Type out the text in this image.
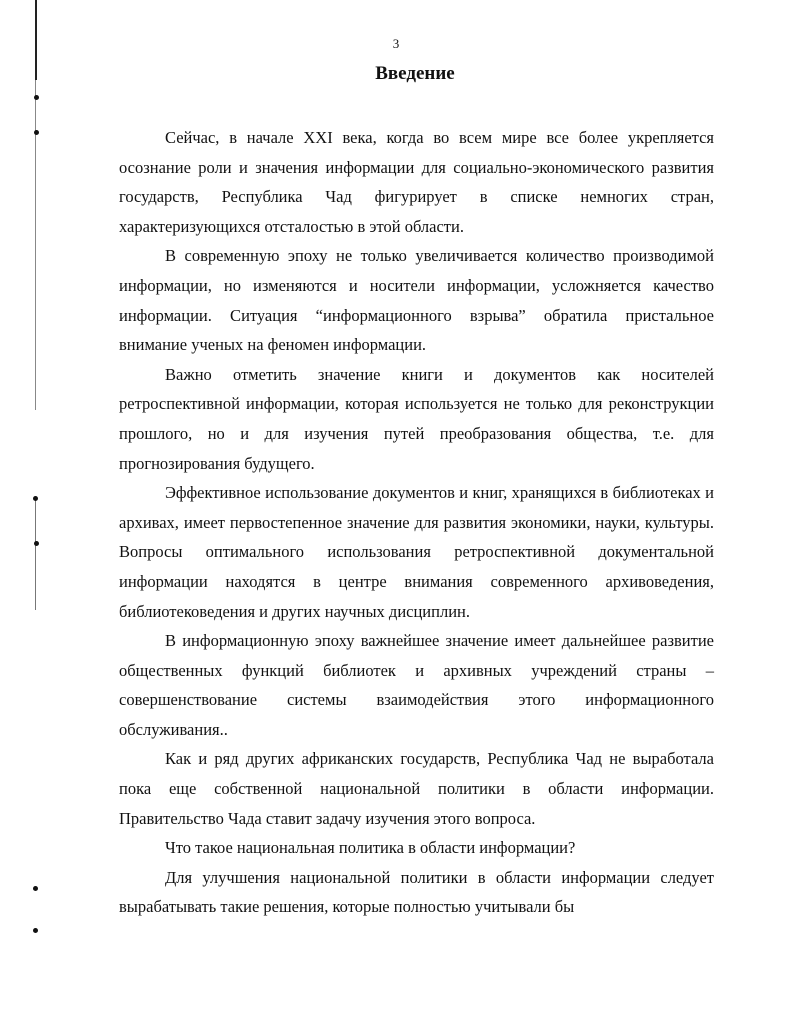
3
Введение

Сейчас, в начале XXI века, когда во всем мире все более укрепляется осознание роли и значения информации для социально-экономического развития государств, Республика Чад фигурирует в списке немногих стран, характеризующихся отсталостью в этой области.

В современную эпоху не только увеличивается количество производимой информации, но изменяются и носители информации, усложняется качество информации. Ситуация “информационного взрыва” обратила пристальное внимание ученых на феномен информации.

Важно отметить значение книги и документов как носителей ретроспективной информации, которая используется не только для реконструкции прошлого, но и для изучения путей преобразования общества, т.е. для прогнозирования будущего.

Эффективное использование документов и книг, хранящихся в библиотеках и архивах, имеет первостепенное значение для развития экономики, науки, культуры. Вопросы оптимального использования ретроспективной документальной информации находятся в центре внимания современного архивоведения, библиотековедения и других научных дисциплин.

В информационную эпоху важнейшее значение имеет дальнейшее развитие общественных функций библиотек и архивных учреждений страны – совершенствование системы взаимодействия этого информационного обслуживания..

Как и ряд других африканских государств, Республика Чад не выработала пока еще собственной национальной политики в области информации. Правительство Чада ставит задачу изучения этого вопроса.

Что такое национальная политика в области информации?

Для улучшения национальной политики в области информации следует вырабатывать такие решения, которые полностью учитывали бы
